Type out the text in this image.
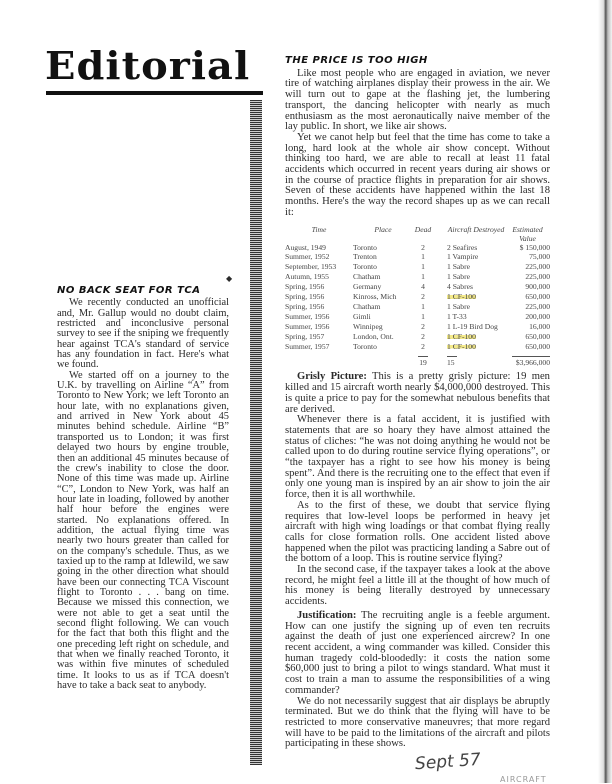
Editorial
◆
NO BACK SEAT FOR TCA

We recently conducted an unofficial and, Mr. Gallup would no doubt claim, restricted and inconclusive personal survey to see if the sniping we frequently hear against TCA's standard of service has any foundation in fact. Here's what we found.

We started off on a journey to the U.K. by travelling on Airline “A” from Toronto to New York; we left Toronto an hour late, with no explanations given, and arrived in New York about 45 minutes behind schedule. Airline “B” transported us to London; it was first delayed two hours by engine trouble, then an additional 45 minutes because of the crew's inability to close the door. None of this time was made up. Airline “C”, London to New York, was half an hour late in loading, followed by another half hour before the engines were started. No explanations offered. In addition, the actual flying time was nearly two hours greater than called for on the company's schedule. Thus, as we taxied up to the ramp at Idlewild, we saw going in the other direction what should have been our connecting TCA Viscount flight to Toronto . . . bang on time. Because we missed this connection, we were not able to get a seat until the second flight following. We can vouch for the fact that both this flight and the one preceding left right on schedule, and that when we finally reached Toronto, it was within five minutes of scheduled time. It looks to us as if TCA doesn't have to take a back seat to anybody.

THE PRICE IS TOO HIGH

Like most people who are engaged in aviation, we never tire of watching airplanes display their prowess in the air. We will turn out to gape at the flashing jet, the lumbering transport, the dancing helicopter with nearly as much enthusiasm as the most aeronautically naive member of the lay public. In short, we like air shows.

Yet we canot help but feel that the time has come to take a long, hard look at the whole air show concept. Without thinking too hard, we are able to recall at least 11 fatal accidents which occurred in recent years during air shows or in the course of practice flights in preparation for air shows. Seven of these accidents have happened within the last 18 months. Here's the way the record shapes up as we can recall it:

Time	Place	Dead	Aircraft Destroyed	Estimated Value
August, 1949	Toronto	2	2 Seafires	$ 150,000
Summer, 1952	Trenton	1	1 Vampire	75,000
September, 1953	Toronto	1	1 Sabre	225,000
Autumn, 1955	Chatham	1	1 Sabre	225,000
Spring, 1956	Germany	4	4 Sabres	900,000
Spring, 1956	Kinross, Mich	2	1 CF-100	650,000
Spring, 1956	Chatham	1	1 Sabre	225,000
Summer, 1956	Gimli	1	1 T-33	200,000
Summer, 1956	Winnipeg	2	1 L-19 Bird Dog	16,000
Spring, 1957	London, Ont.	2	1 CF-100	650,000
Summer, 1957	Toronto	2	1 CF-100	650,000
19	15	$3,966,000

Grisly Picture: This is a pretty grisly picture: 19 men killed and 15 aircraft worth nearly $4,000,000 destroyed. This is quite a price to pay for the somewhat nebulous benefits that are derived.

Whenever there is a fatal accident, it is justified with statements that are so hoary they have almost attained the status of cliches: “he was not doing anything he would not be called upon to do during routine service flying operations”, or “the taxpayer has a right to see how his money is being spent”. And there is the recruiting one to the effect that even if only one young man is inspired by an air show to join the air force, then it is all worthwhile.

As to the first of these, we doubt that service flying requires that low-level loops be performed in heavy jet aircraft with high wing loadings or that combat flying really calls for close formation rolls. One accident listed above happened when the pilot was practicing landing a Sabre out of the bottom of a loop. This is routine service flying?

In the second case, if the taxpayer takes a look at the above record, he might feel a little ill at the thought of how much of his money is being literally destroyed by unnecessary accidents.

Justification: The recruiting angle is a feeble argument. How can one justify the signing up of even ten recruits against the death of just one experienced aircrew? In one recent accident, a wing commander was killed. Consider this human tragedy cold-bloodedly: it costs the nation some $60,000 just to bring a pilot to wings standard. What must it cost to train a man to assume the responsibilities of a wing commander?

We do not necessarily suggest that air displays be abruptly terminated. But we do think that the flying will have to be restricted to more conservative maneuvres; that more regard will have to be paid to the limitations of the aircraft and pilots participating in these shows.

Sept 57
AIRCRAFT
